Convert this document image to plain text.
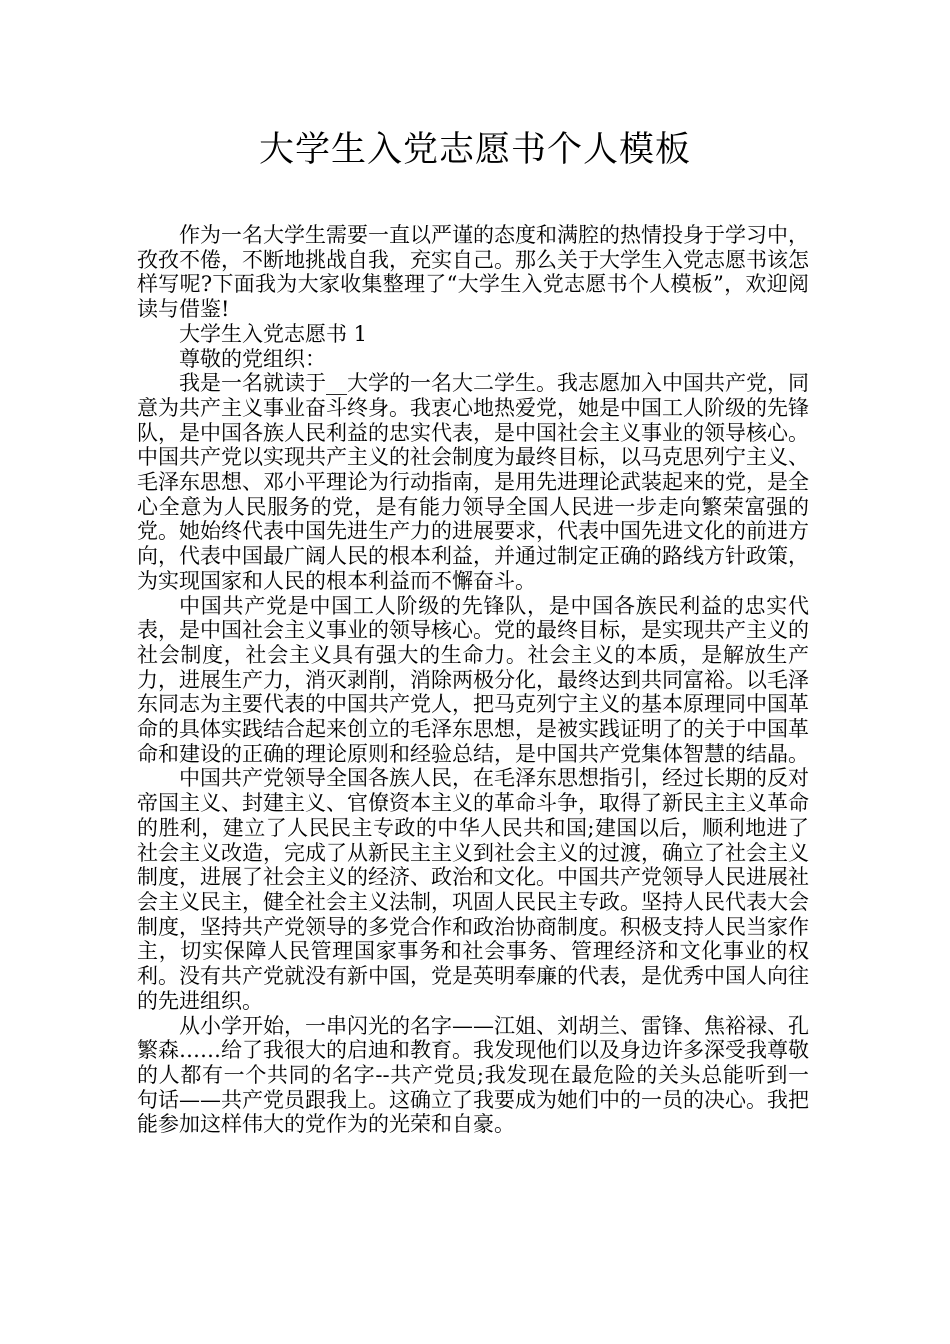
大学生入党志愿书个人模板

作为一名大学生需要一直以严谨的态度和满腔的热情投身于学习中，孜孜不倦，不断地挑战自我，充实自己。那么关于大学生入党志愿书该怎样写呢?下面我为大家收集整理了“大学生入党志愿书个人模板”，欢迎阅读与借鉴!

大学生入党志愿书 1

尊敬的党组织：

我是一名就读于__大学的一名大二学生。我志愿加入中国共产党，同意为共产主义事业奋斗终身。我衷心地热爱党，她是中国工人阶级的先锋队，是中国各族人民利益的忠实代表，是中国社会主义事业的领导核心。中国共产党以实现共产主义的社会制度为最终目标，以马克思列宁主义、毛泽东思想、邓小平理论为行动指南，是用先进理论武装起来的党，是全心全意为人民服务的党，是有能力领导全国人民进一步走向繁荣富强的党。她始终代表中国先进生产力的进展要求，代表中国先进文化的前进方向，代表中国最广阔人民的根本利益，并通过制定正确的路线方针政策，为实现国家和人民的根本利益而不懈奋斗。

中国共产党是中国工人阶级的先锋队，是中国各族民利益的忠实代表，是中国社会主义事业的领导核心。党的最终目标，是实现共产主义的社会制度，社会主义具有强大的生命力。社会主义的本质，是解放生产力，进展生产力，消灭剥削，消除两极分化，最终达到共同富裕。以毛泽东同志为主要代表的中国共产党人，把马克列宁主义的基本原理同中国革命的具体实践结合起来创立的毛泽东思想，是被实践证明了的关于中国革命和建设的正确的理论原则和经验总结，是中国共产党集体智慧的结晶。

中国共产党领导全国各族人民，在毛泽东思想指引，经过长期的反对帝国主义、封建主义、官僚资本主义的革命斗争，取得了新民主主义革命的胜利，建立了人民民主专政的中华人民共和国;建国以后，顺利地进了社会主义改造，完成了从新民主主义到社会主义的过渡，确立了社会主义制度，进展了社会主义的经济、政治和文化。中国共产党领导人民进展社会主义民主，健全社会主义法制，巩固人民民主专政。坚持人民代表大会制度，坚持共产党领导的多党合作和政治协商制度。积极支持人民当家作主，切实保障人民管理国家事务和社会事务、管理经济和文化事业的权利。没有共产党就没有新中国，党是英明奉廉的代表，是优秀中国人向往的先进组织。

从小学开始，一串闪光的名字——江姐、刘胡兰、雷锋、焦裕禄、孔繁森……给了我很大的启迪和教育。我发现他们以及身边许多深受我尊敬的人都有一个共同的名字--共产党员;我发现在最危险的关头总能听到一句话——共产党员跟我上。这确立了我要成为她们中的一员的决心。我把能参加这样伟大的党作为的光荣和自豪。
